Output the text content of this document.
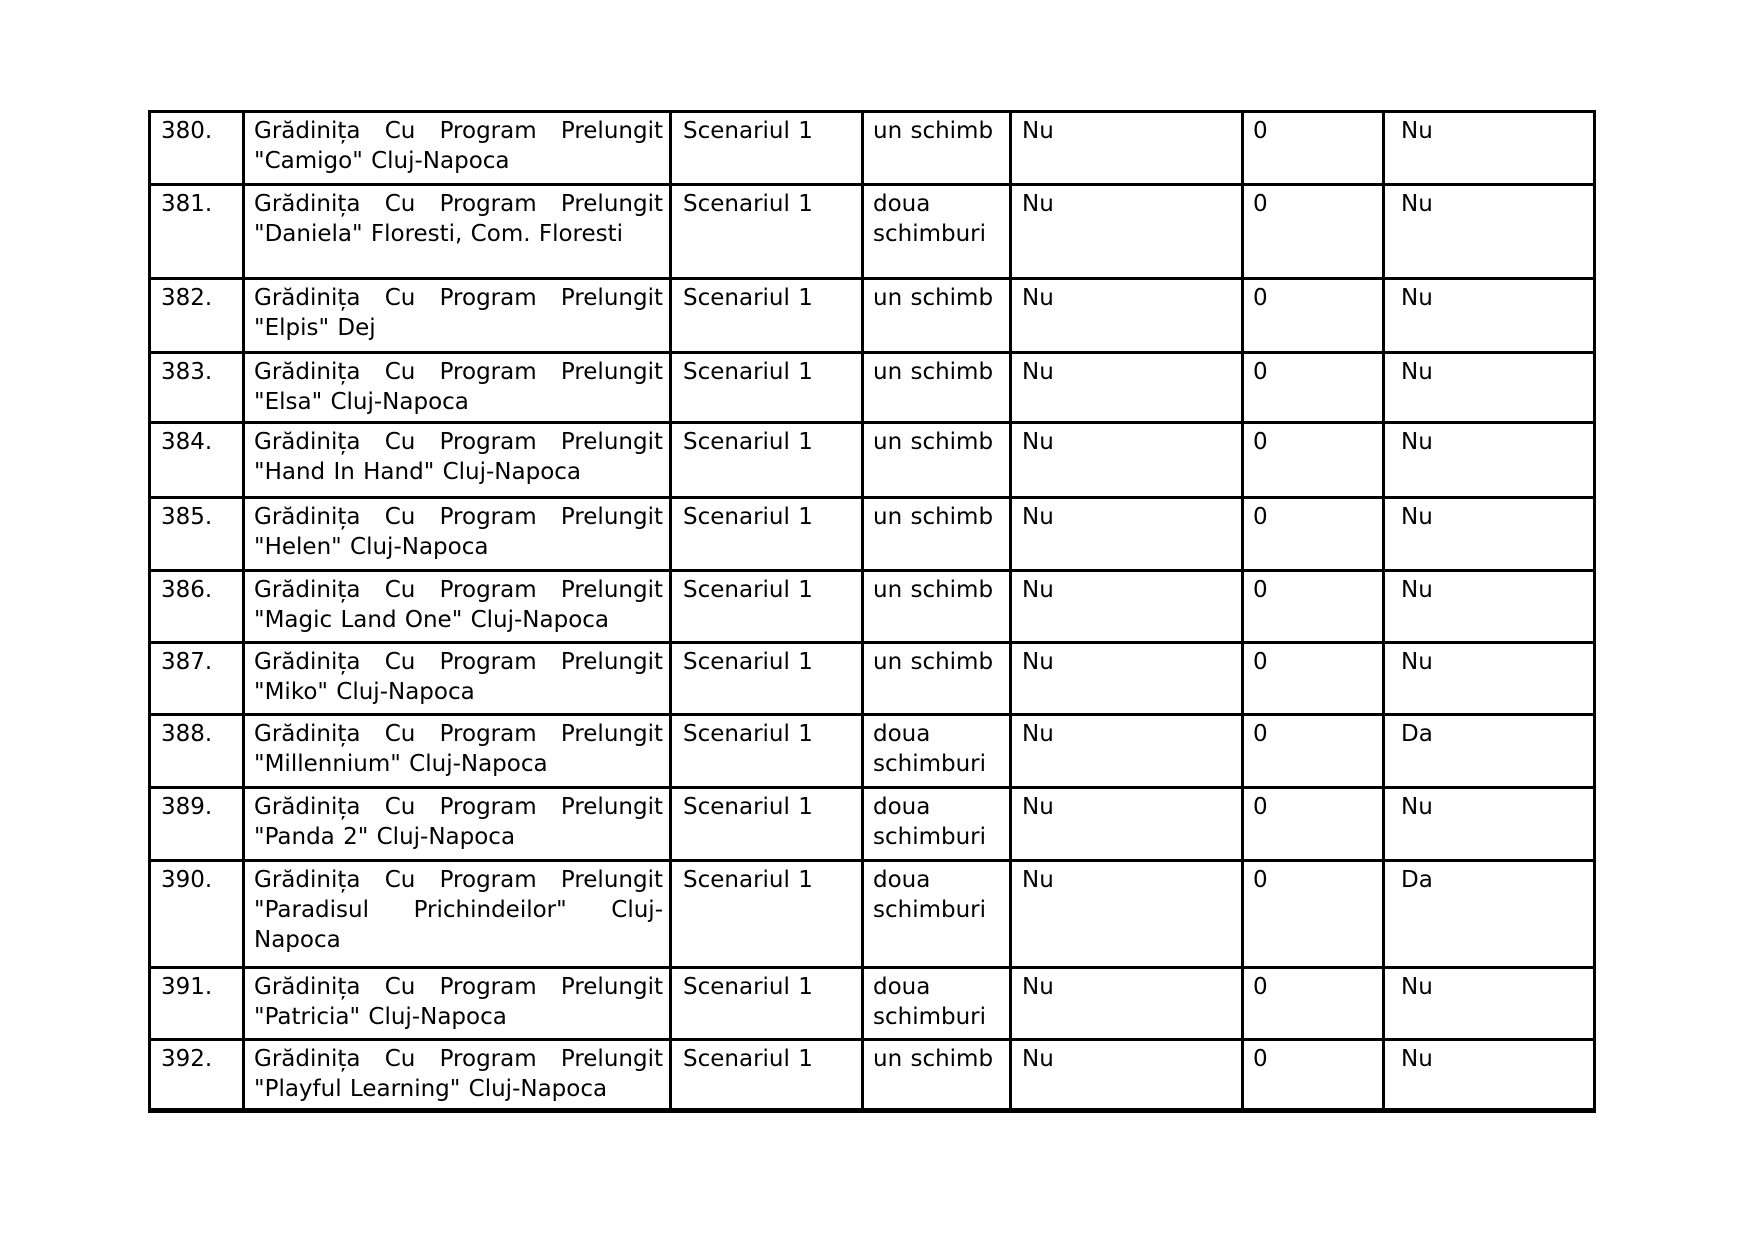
380.	Grădinița Cu Program Prelungit "Camigo" Cluj-Napoca	Scenariul 1	un schimb	Nu	0	Nu
381.	Grădinița Cu Program Prelungit "Daniela" Floresti, Com. Floresti	Scenariul 1	doua schimburi	Nu	0	Nu
382.	Grădinița Cu Program Prelungit "Elpis" Dej	Scenariul 1	un schimb	Nu	0	Nu
383.	Grădinița Cu Program Prelungit "Elsa" Cluj-Napoca	Scenariul 1	un schimb	Nu	0	Nu
384.	Grădinița Cu Program Prelungit "Hand In Hand" Cluj-Napoca	Scenariul 1	un schimb	Nu	0	Nu
385.	Grădinița Cu Program Prelungit "Helen" Cluj-Napoca	Scenariul 1	un schimb	Nu	0	Nu
386.	Grădinița Cu Program Prelungit "Magic Land One" Cluj-Napoca	Scenariul 1	un schimb	Nu	0	Nu
387.	Grădinița Cu Program Prelungit "Miko" Cluj-Napoca	Scenariul 1	un schimb	Nu	0	Nu
388.	Grădinița Cu Program Prelungit "Millennium" Cluj-Napoca	Scenariul 1	doua schimburi	Nu	0	Da
389.	Grădinița Cu Program Prelungit "Panda 2" Cluj-Napoca	Scenariul 1	doua schimburi	Nu	0	Nu
390.	Grădinița Cu Program Prelungit "Paradisul Prichindeilor" Cluj-Napoca	Scenariul 1	doua schimburi	Nu	0	Da
391.	Grădinița Cu Program Prelungit "Patricia" Cluj-Napoca	Scenariul 1	doua schimburi	Nu	0	Nu
392.	Grădinița Cu Program Prelungit "Playful Learning" Cluj-Napoca	Scenariul 1	un schimb	Nu	0	Nu
